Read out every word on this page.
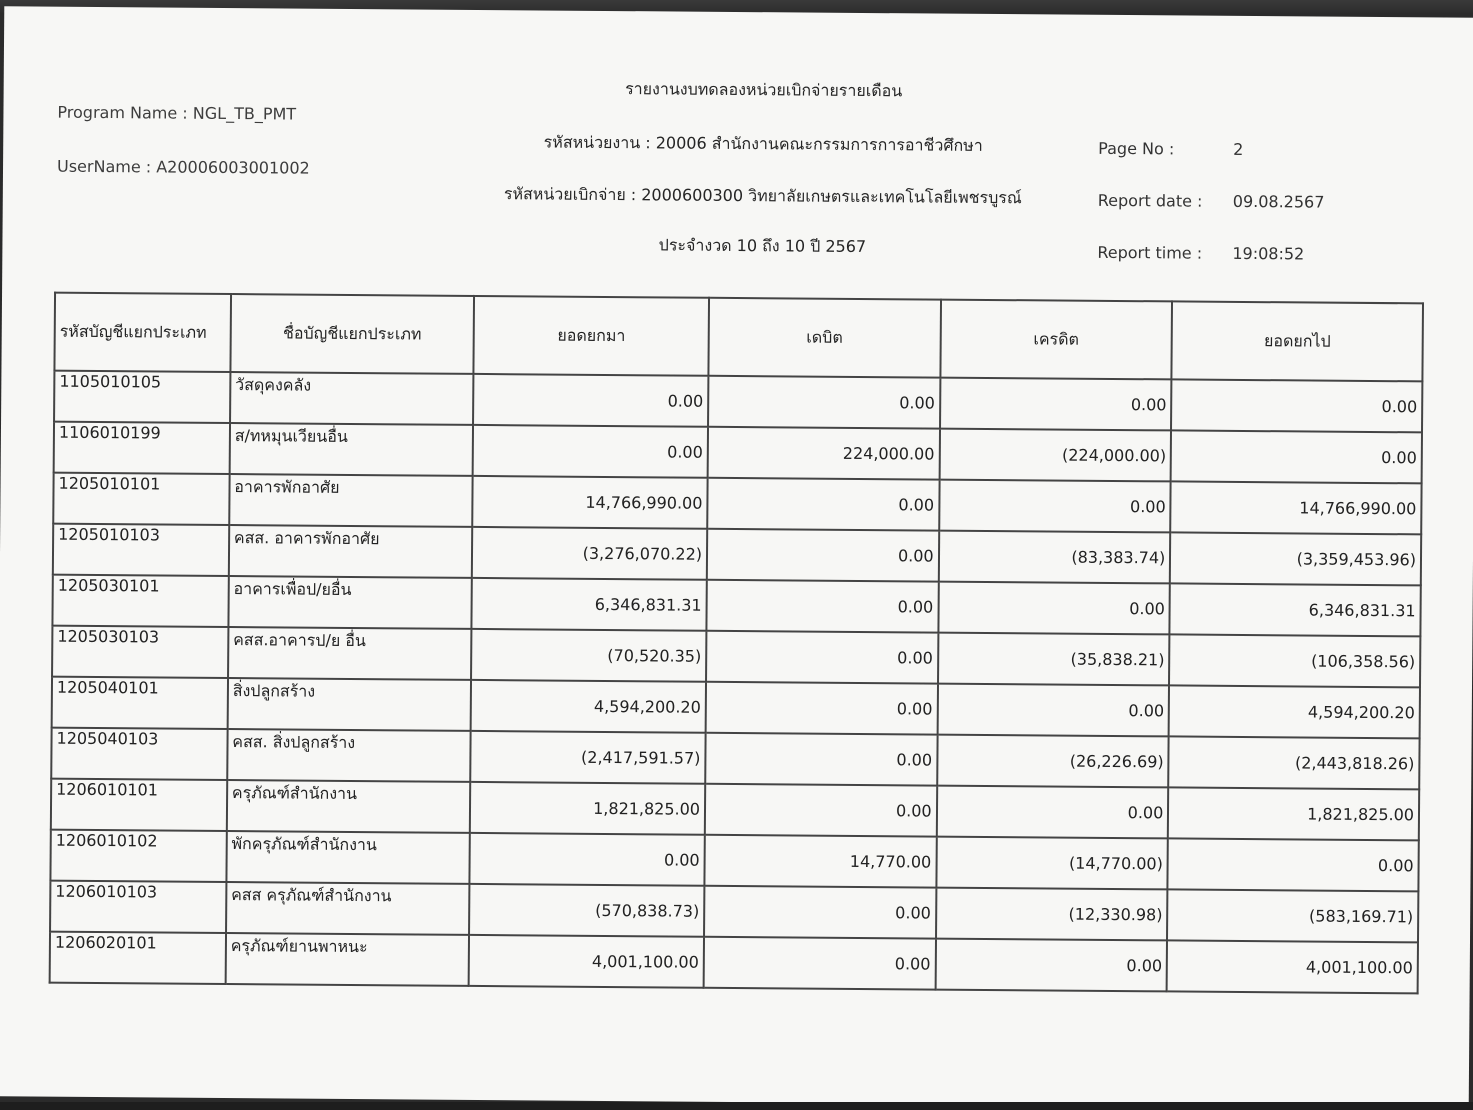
Program Name : NGL_TB_PMT
UserName : A20006003001002
รายงานงบทดลองหน่วยเบิกจ่ายรายเดือน
รหัสหน่วยงาน : 20006 สำนักงานคณะกรรมการการอาชีวศึกษา
รหัสหน่วยเบิกจ่าย : 2000600300 วิทยาลัยเกษตรและเทคโนโลยีเพชรบูรณ์
ประจำงวด 10 ถึง 10 ปี 2567
Page No :	2
Report date : 09.08.2567
Report time : 19:08:52
รหัสบัญชีแยกประเภท	ชื่อบัญชีแยกประเภท	ยอดยกมา	เดบิต	เครดิต	ยอดยกไป
1105010105	วัสดุคงคลัง	0.00	0.00	0.00	0.00
1106010199	ส/ทหมุนเวียนอื่น	0.00	224,000.00	(224,000.00)	0.00
1205010101	อาคารพักอาศัย	14,766,990.00	0.00	0.00	14,766,990.00
1205010103	คสส. อาคารพักอาศัย	(3,276,070.22)	0.00	(83,383.74)	(3,359,453.96)
1205030101	อาคารเพื่อป/ยอื่น	6,346,831.31	0.00	0.00	6,346,831.31
1205030103	คสส.อาคารป/ย อื่น	(70,520.35)	0.00	(35,838.21)	(106,358.56)
1205040101	สิ่งปลูกสร้าง	4,594,200.20	0.00	0.00	4,594,200.20
1205040103	คสส. สิ่งปลูกสร้าง	(2,417,591.57)	0.00	(26,226.69)	(2,443,818.26)
1206010101	ครุภัณฑ์สำนักงาน	1,821,825.00	0.00	0.00	1,821,825.00
1206010102	พักครุภัณฑ์สำนักงาน	0.00	14,770.00	(14,770.00)	0.00
1206010103	คสส ครุภัณฑ์สำนักงาน	(570,838.73)	0.00	(12,330.98)	(583,169.71)
1206020101	ครุภัณฑ์ยานพาหนะ	4,001,100.00	0.00	0.00	4,001,100.00
